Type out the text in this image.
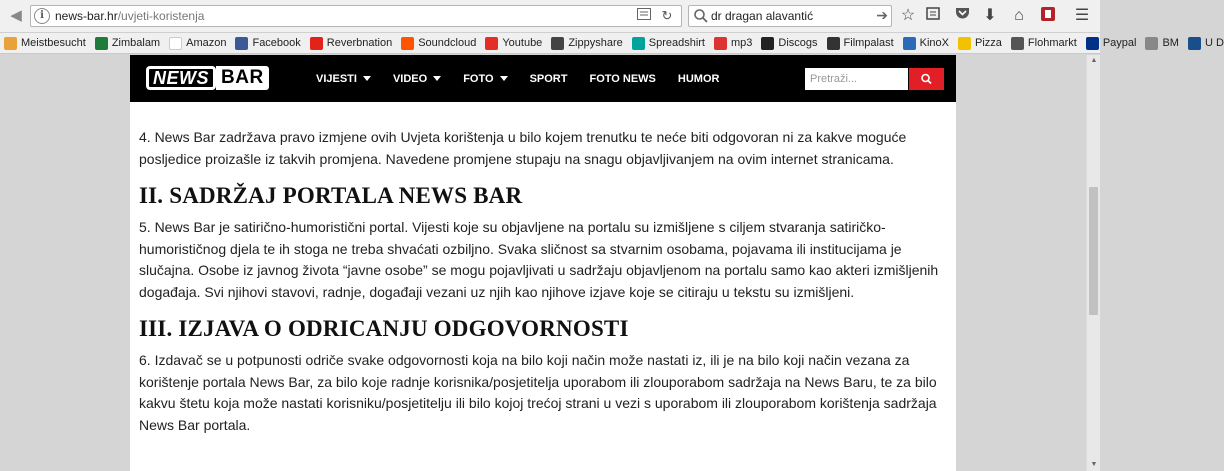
◀	i news-bar.hr/uvjeti-koristenja	↻	dr dragan alavantić	➔ ☆	⬇	⌂	☰
Meistbesucht Zimbalam Amazon Facebook Reverbnation Soundcloud Youtube Zippyshare Spreadshirt mp3 Discogs Filmpalast KinoX Pizza Flohmarkt Paypal BM U D
NEWS BAR	VIJESTI	VIDEO	FOTO	SPORT FOTO NEWS HUMOR
Pretraži...

4. News Bar zadržava pravo izmjene ovih Uvjeta korištenja u bilo kojem trenutku te neće biti odgovoran ni za kakve moguće posljedice proizašle iz takvih promjena. Navedene promjene stupaju na snagu objavljivanjem na ovim internet stranicama.

II. SADRŽAJ PORTALA NEWS BAR

5. News Bar je satirično-humoristični portal. Vijesti koje su objavljene na portalu su izmišljene s ciljem stvaranja satiričko-humorističnog djela te ih stoga ne treba shvaćati ozbiljno. Svaka sličnost sa stvarnim osobama, pojavama ili institucijama je slučajna. Osobe iz javnog života “javne osobe” se mogu pojavljivati u sadržaju objavljenom na portalu samo kao akteri izmišljenih događaja. Svi njihovi stavovi, radnje, događaji vezani uz njih kao njihove izjave koje se citiraju u tekstu su izmišljeni.

III. IZJAVA O ODRICANJU ODGOVORNOSTI

6. Izdavač se u potpunosti odriče svake odgovornosti koja na bilo koji način može nastati iz, ili je na bilo koji način vezana za korištenje portala News Bar, za bilo koje radnje korisnika/posjetitelja uporabom ili zlouporabom sadržaja na News Baru, te za bilo kakvu štetu koja može nastati korisniku/posjetitelju ili bilo kojoj trećoj strani u vezi s uporabom ili zlouporabom korištenja sadržaja News Bar portala.

▲
▼
